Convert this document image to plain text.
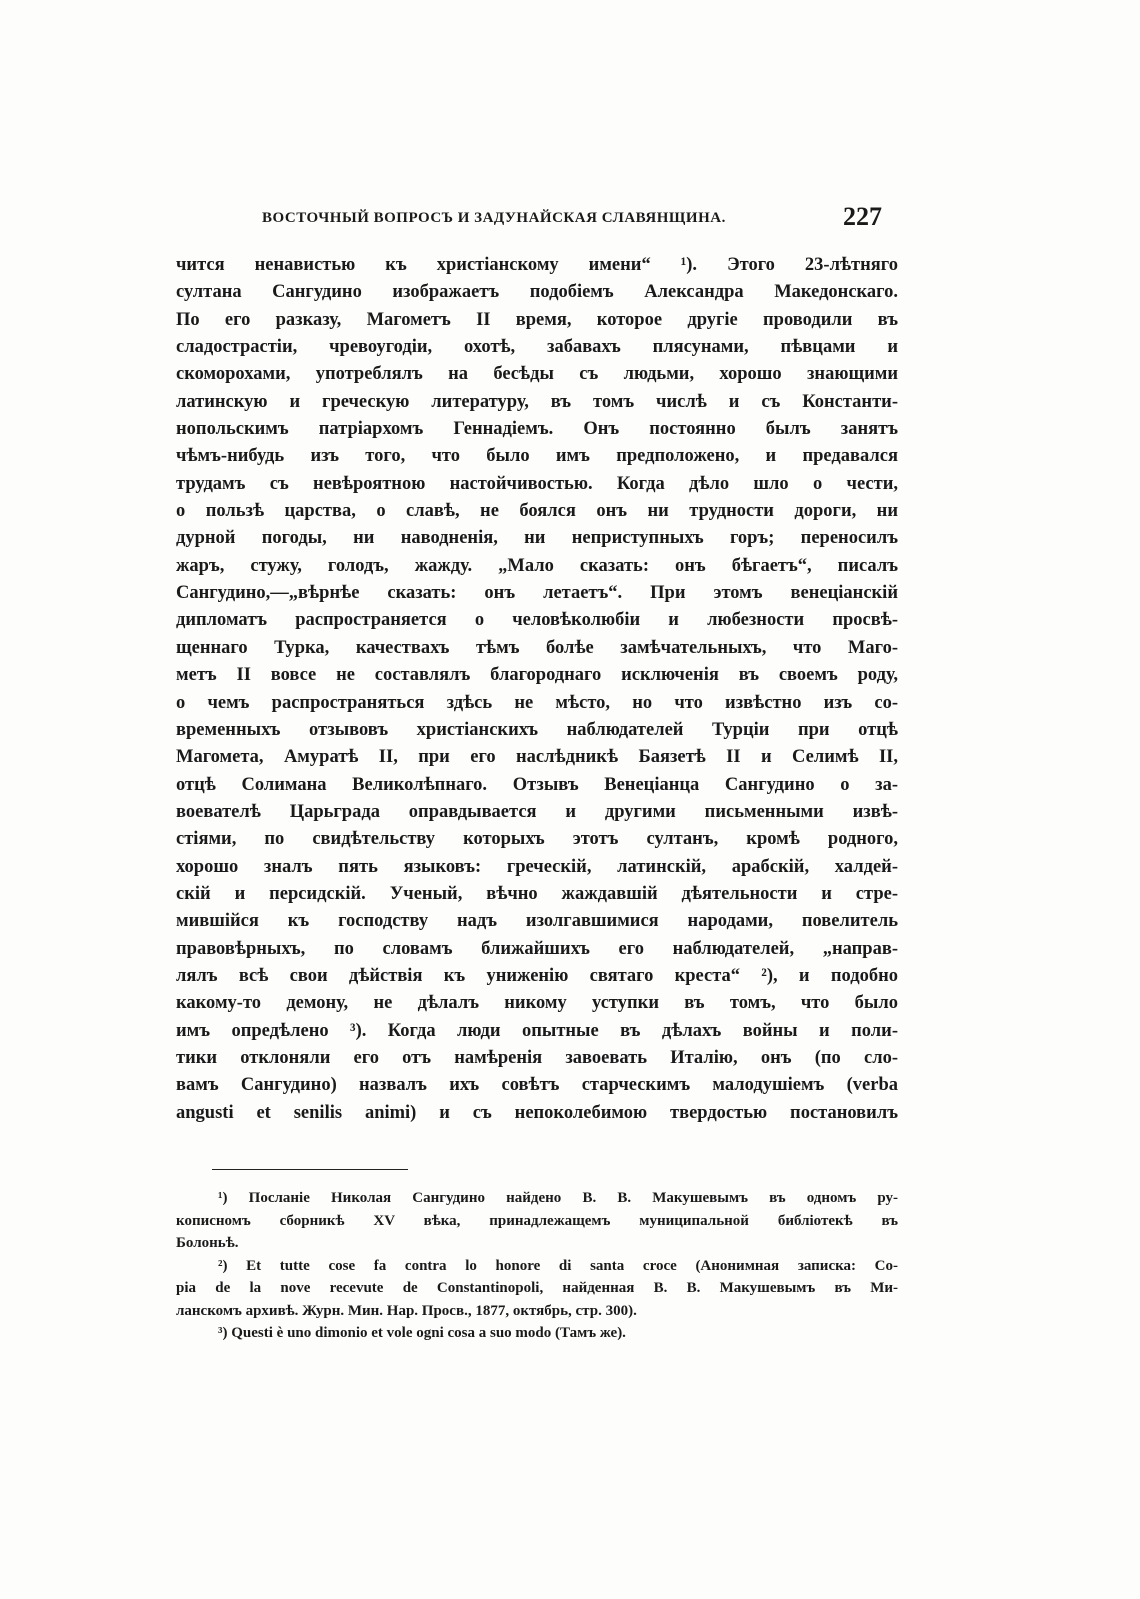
ВОСТОЧНЫЙ ВОПРОСЪ И ЗАДУНАЙСКАЯ СЛАВЯНЩИНА.	227
чится ненавистью къ христіанскому имени“ ¹). Этого 23-лѣтняго
султана Сангудино изображаетъ подобіемъ Александра Македонскаго.
По его разказу, Магометъ II время, которое другіе проводили въ
сладострастіи, чревоугодіи, охотѣ, забавахъ плясунами, пѣвцами и
скоморохами, употреблялъ на бесѣды съ людьми, хорошо знающими
латинскую и греческую литературу, въ томъ числѣ и съ Константи-
нопольскимъ патріархомъ Геннадіемъ. Онъ постоянно былъ занятъ
чѣмъ-нибудь изъ того, что было имъ предположено, и предавался
трудамъ съ невѣроятною настойчивостью. Когда дѣло шло о чести,
о пользѣ царства, о славѣ, не боялся онъ ни трудности дороги, ни
дурной погоды, ни наводненія, ни неприступныхъ горъ; переносилъ
жаръ, стужу, голодъ, жажду. „Мало сказать: онъ бѣгаетъ“, писалъ
Сангудино,—„вѣрнѣе сказать: онъ летаетъ“. При этомъ венеціанскій
дипломатъ распространяется о человѣколюбіи и любезности просвѣ-
щеннаго Турка, качествахъ тѣмъ болѣе замѣчательныхъ, что Маго-
метъ II вовсе не составлялъ благороднаго исключенія въ своемъ роду,
о чемъ распространяться здѣсь не мѣсто, но что извѣстно изъ со-
временныхъ отзывовъ христіанскихъ наблюдателей Турціи при отцѣ
Магомета, Амуратѣ II, при его наслѣдникѣ Баязетѣ II и Селимѣ II,
отцѣ Солимана Великолѣпнаго. Отзывъ Венеціанца Сангудино о за-
воевателѣ Царьграда оправдывается и другими письменными извѣ-
стіями, по свидѣтельству которыхъ этотъ султанъ, кромѣ родного,
хорошо зналъ пять языковъ: греческій, латинскій, арабскій, халдей-
скій и персидскій. Ученый, вѣчно жаждавшій дѣятельности и стре-
мившійся къ господству надъ изолгавшимися народами, повелитель
правовѣрныхъ, по словамъ ближайшихъ его наблюдателей, „направ-
лялъ всѣ свои дѣйствія къ униженію святаго креста“ ²), и подобно
какому-то демону, не дѣлалъ никому уступки въ томъ, что было
имъ опредѣлено ³). Когда люди опытные въ дѣлахъ войны и поли-
тики отклоняли его отъ намѣренія завоевать Италію, онъ (по сло-
вамъ Сангудино) назвалъ ихъ совѣтъ старческимъ малодушіемъ (verba
angusti et senilis animi) и съ непоколебимою твердостью постановилъ
¹) Посланіе Николая Сангудино найдено В. В. Макушевымъ въ одномъ ру-
кописномъ сборникѣ XV вѣка, принадлежащемъ муниципальной библіотекѣ въ
Болоньѣ.
²) Et tutte cose fa contra lo honore di santa croce (Анонимная записка: Co-
pia de la nove recevute de Constantinopoli, найденная В. В. Макушевымъ въ Ми-
ланскомъ архивѣ. Журн. Мин. Нар. Просв., 1877, октябрь, стр. 300).
³) Questi è uno dimonio et vole ogni cosa a suo modo (Тамъ же).
